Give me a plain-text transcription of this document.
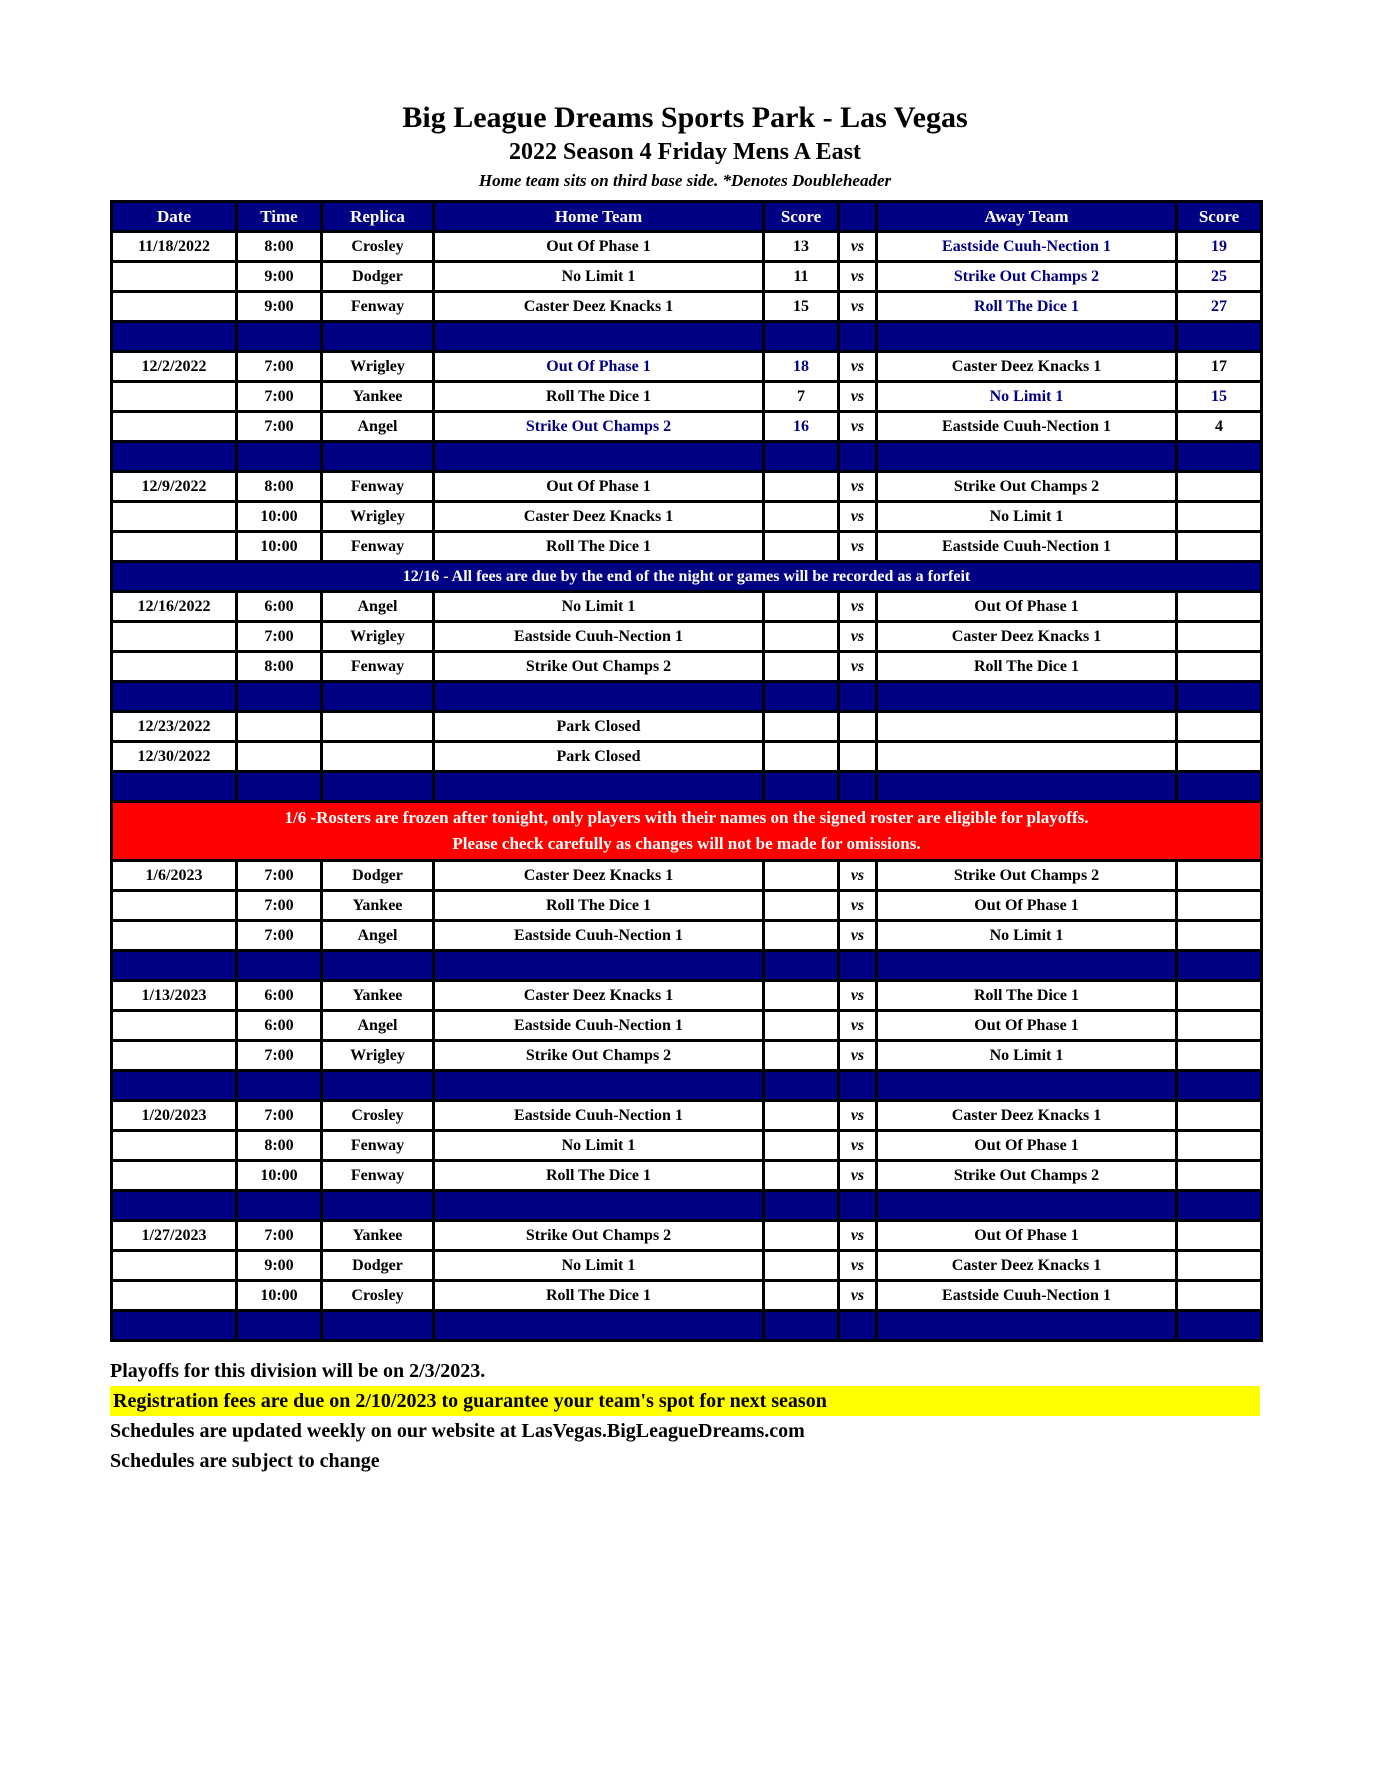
Big League Dreams Sports Park - Las Vegas
2022 Season 4 Friday Mens A East
Home team sits on third base side. *Denotes Doubleheader
Date	Time	Replica	Home Team	Score		Away Team	Score
11/18/2022	8:00	Crosley	Out Of Phase 1	13	vs	Eastside Cuuh-Nection 1	19
	9:00	Dodger	No Limit 1	11	vs	Strike Out Champs 2	25
	9:00	Fenway	Caster Deez Knacks 1	15	vs	Roll The Dice 1	27

12/2/2022	7:00	Wrigley	Out Of Phase 1	18	vs	Caster Deez Knacks 1	17
	7:00	Yankee	Roll The Dice 1	7	vs	No Limit 1	15
	7:00	Angel	Strike Out Champs 2	16	vs	Eastside Cuuh-Nection 1	4

12/9/2022	8:00	Fenway	Out Of Phase 1		vs	Strike Out Champs 2	
	10:00	Wrigley	Caster Deez Knacks 1		vs	No Limit 1	
	10:00	Fenway	Roll The Dice 1		vs	Eastside Cuuh-Nection 1	

12/16 - All fees are due by the end of the night or games will be recorded as a forfeit							

12/16/2022	6:00	Angel	No Limit 1		vs	Out Of Phase 1	
	7:00	Wrigley	Eastside Cuuh-Nection 1		vs	Caster Deez Knacks 1	
	8:00	Fenway	Strike Out Champs 2		vs	Roll The Dice 1	

12/23/2022			Park Closed				
12/30/2022			Park Closed				

1/6 -Rosters are frozen after tonight, only players with their names on the signed roster are eligible for playoffs.
Please check carefully as changes will not be made for omissions.							

1/6/2023	7:00	Dodger	Caster Deez Knacks 1		vs	Strike Out Champs 2	
	7:00	Yankee	Roll The Dice 1		vs	Out Of Phase 1	
	7:00	Angel	Eastside Cuuh-Nection 1		vs	No Limit 1	

1/13/2023	6:00	Yankee	Caster Deez Knacks 1		vs	Roll The Dice 1	
	6:00	Angel	Eastside Cuuh-Nection 1		vs	Out Of Phase 1	
	7:00	Wrigley	Strike Out Champs 2		vs	No Limit 1	

1/20/2023	7:00	Crosley	Eastside Cuuh-Nection 1		vs	Caster Deez Knacks 1	
	8:00	Fenway	No Limit 1		vs	Out Of Phase 1	
	10:00	Fenway	Roll The Dice 1		vs	Strike Out Champs 2	

1/27/2023	7:00	Yankee	Strike Out Champs 2		vs	Out Of Phase 1	
	9:00	Dodger	No Limit 1		vs	Caster Deez Knacks 1	
	10:00	Crosley	Roll The Dice 1		vs	Eastside Cuuh-Nection 1	

Playoffs for this division will be on 2/3/2023.
Registration fees are due on 2/10/2023 to guarantee your team's spot for next season
Schedules are updated weekly on our website at LasVegas.BigLeagueDreams.com
Schedules are subject to change
